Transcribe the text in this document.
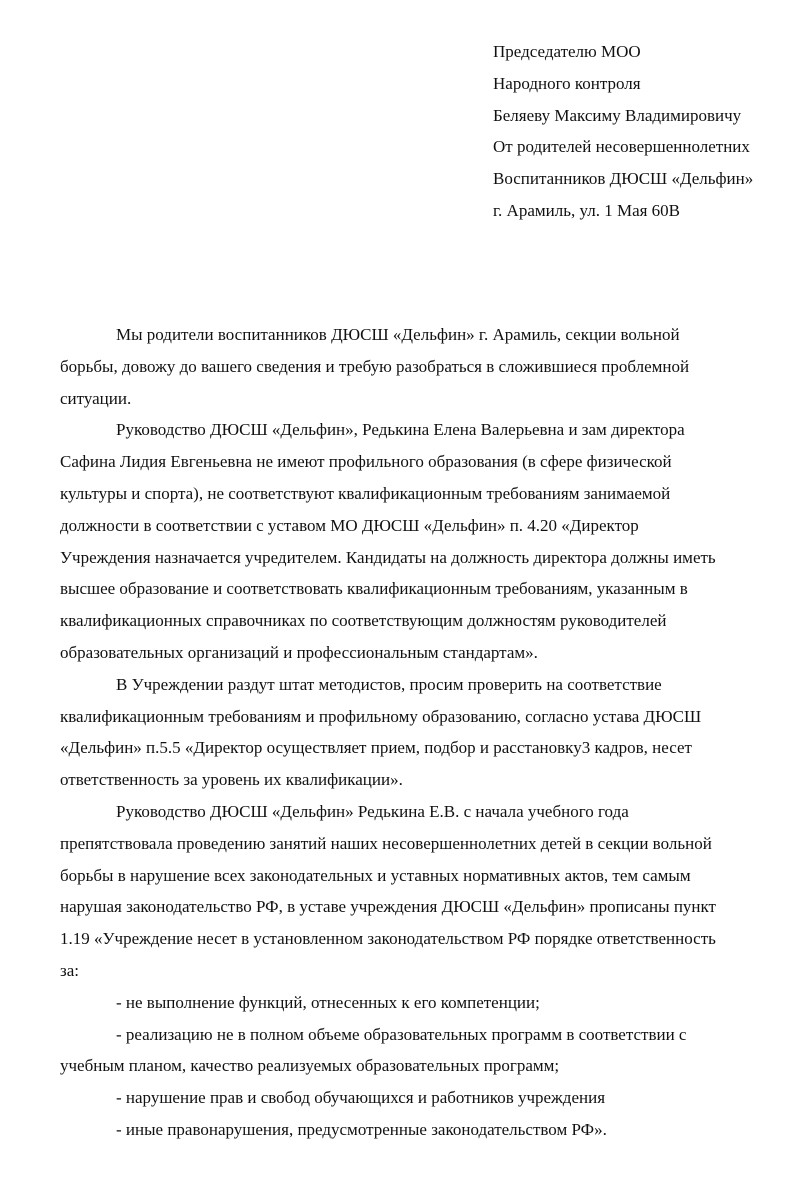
Председателю МОО
Народного контроля
Беляеву Максиму Владимировичу
От родителей несовершеннолетних
Воспитанников ДЮСШ «Дельфин»
г. Арамиль, ул. 1 Мая 60В
Мы родители воспитанников ДЮСШ «Дельфин» г. Арамиль, секции вольной
борьбы, довожу до вашего сведения и требую разобраться в сложившиеся проблемной
ситуации.
Руководство ДЮСШ «Дельфин», Редькина Елена Валерьевна и зам директора
Сафина Лидия Евгеньевна не имеют профильного образования (в сфере физической
культуры и спорта), не соответствуют квалификационным требованиям занимаемой
должности в соответствии с уставом МО ДЮСШ «Дельфин» п. 4.20 «Директор
Учреждения назначается учредителем. Кандидаты на должность директора должны иметь
высшее образование и соответствовать квалификационным требованиям, указанным в
квалификационных справочниках по соответствующим должностям руководителей
образовательных организаций и профессиональным стандартам».
В Учреждении раздут штат методистов, просим проверить на соответствие
квалификационным требованиям и профильному образованию, согласно устава ДЮСШ
«Дельфин» п.5.5 «Директор осуществляет прием, подбор и расстановку3 кадров, несет
ответственность за уровень их квалификации».
Руководство ДЮСШ «Дельфин» Редькина Е.В. с начала учебного года
препятствовала проведению занятий наших несовершеннолетних детей в секции вольной
борьбы в нарушение всех законодательных и уставных нормативных актов, тем самым
нарушая законодательство РФ, в уставе учреждения ДЮСШ «Дельфин» прописаны пункт
1.19 «Учреждение несет в установленном законодательством РФ порядке ответственность
за:
- не выполнение функций, отнесенных к его компетенции;
- реализацию не в полном объеме образовательных программ в соответствии с
учебным планом, качество реализуемых образовательных программ;
- нарушение прав и свобод обучающихся и работников учреждения
- иные правонарушения, предусмотренные законодательством РФ».
